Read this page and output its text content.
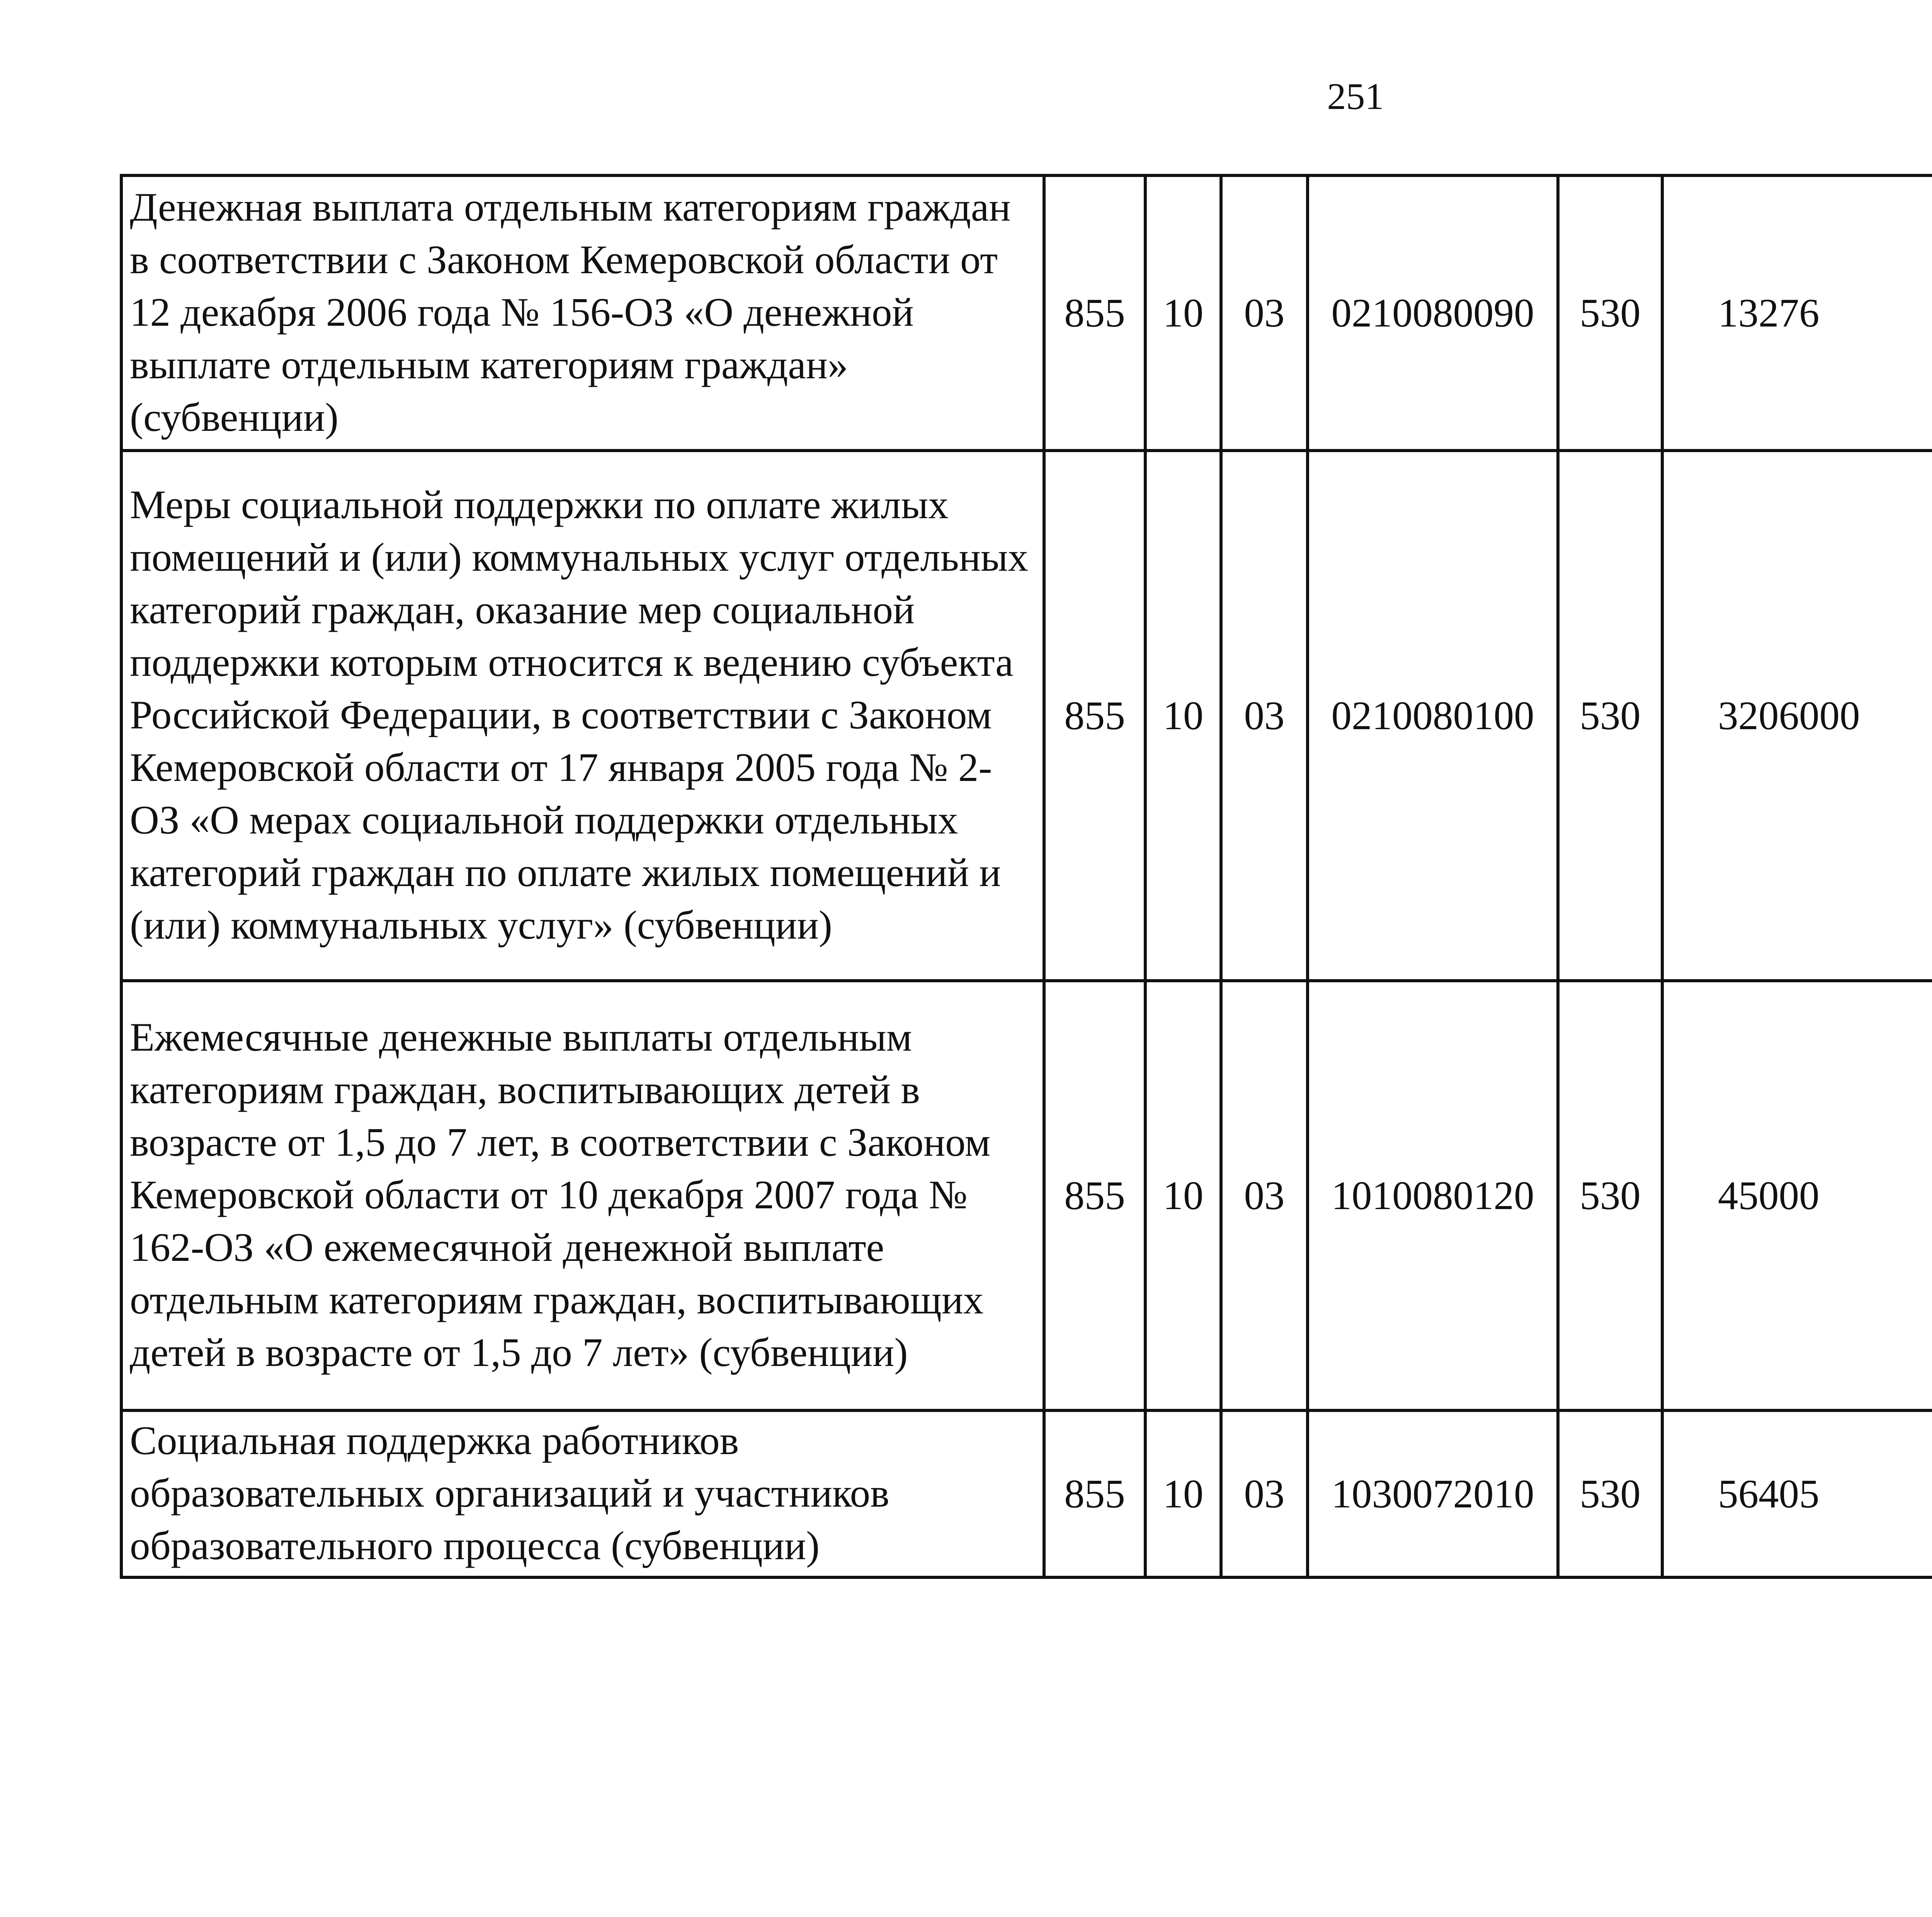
251
Денежная выплата отдельным категориям граждан в соответствии с Законом Кемеровской области от 12 декабря 2006 года № 156-ОЗ «О денежной выплате отдельным категориям граждан» (субвенции)	855	10	03	0210080090	530	13276		
Меры социальной поддержки по оплате жилых помещений и (или) коммунальных услуг отдельных категорий граждан, оказание мер социальной поддержки которым относится к ведению субъекта Российской Федерации, в соответствии с Законом Кемеровской области от 17 января 2005 года № 2-ОЗ «О мерах социальной поддержки отдельных категорий граждан по оплате жилых помещений и (или) коммунальных услуг» (субвенции)	855	10	03	0210080100	530	3206000		
Ежемесячные денежные выплаты отдельным категориям граждан, воспитывающих детей в возрасте от 1,5 до 7 лет, в соответствии с Законом Кемеровской области от 10 декабря 2007 года № 162-ОЗ «О ежемесячной денежной выплате отдельным категориям граждан, воспитывающих детей в возрасте от 1,5 до 7 лет» (субвенции)	855	10	03	1010080120	530	45000		
Социальная поддержка работников образовательных организаций и участников образовательного процесса (субвенции)	855	10	03	1030072010	530	56405		
